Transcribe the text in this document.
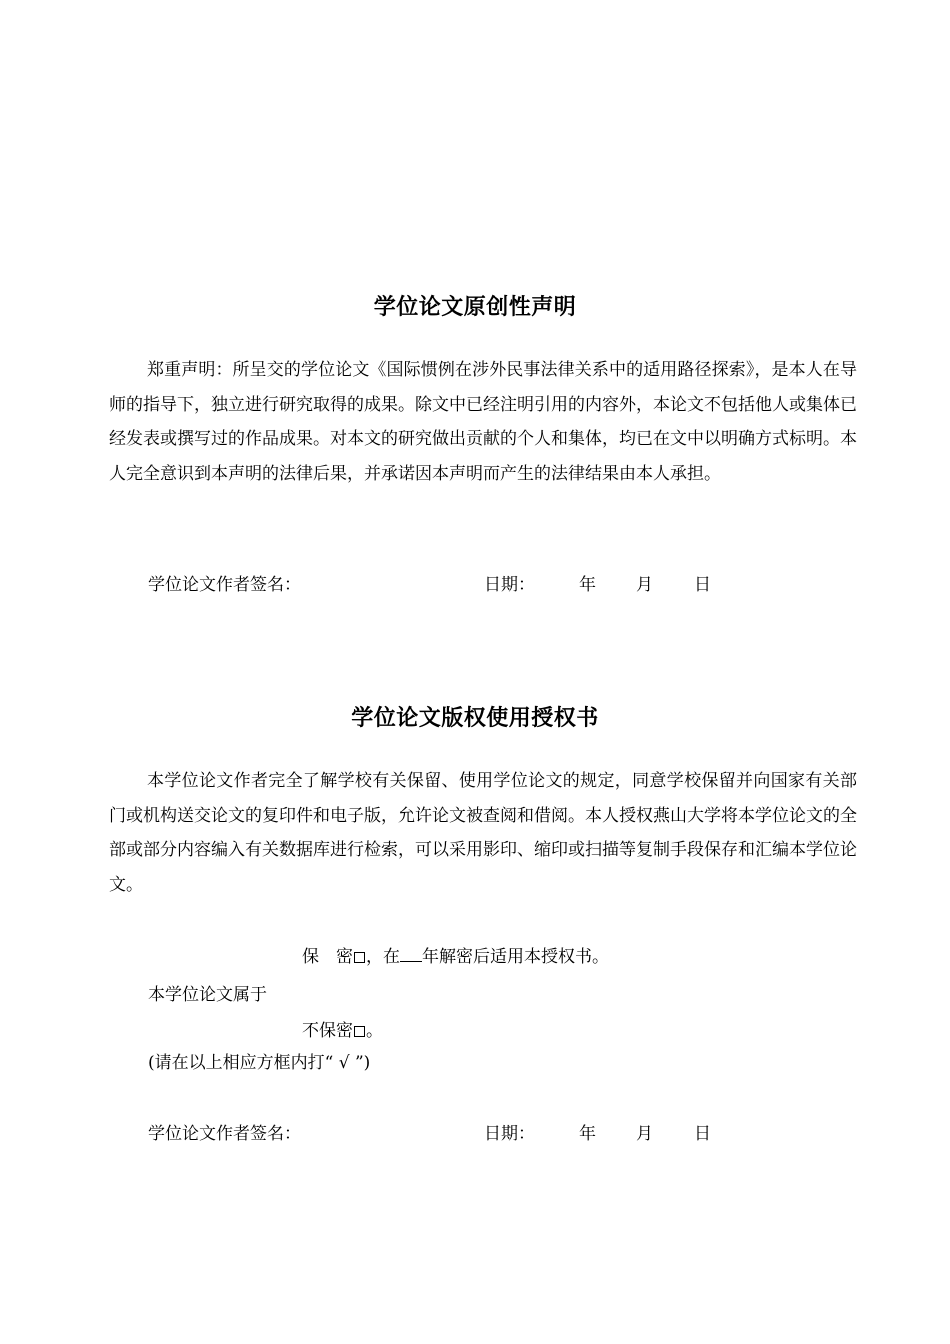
学位论文原创性声明
郑重声明：所呈交的学位论文《国际惯例在涉外民事法律关系中的适用路径探索》，是本人在导师的指导下，独立进行研究取得的成果。除文中已经注明引用的内容外，本论文不包括他人或集体已经发表或撰写过的作品成果。对本文的研究做出贡献的个人和集体，均已在文中以明确方式标明。本人完全意识到本声明的法律后果，并承诺因本声明而产生的法律结果由本人承担。
学位论文作者签名：	日期：	年 月 日
学位论文版权使用授权书
本学位论文作者完全了解学校有关保留、使用学位论文的规定，同意学校保留并向国家有关部门或机构送交论文的复印件和电子版，允许论文被查阅和借阅。本人授权燕山大学将本学位论文的全部或部分内容编入有关数据库进行检索，可以采用影印、缩印或扫描等复制手段保存和汇编本学位论文。
保　密 ，在 年解密后适用本授权书。
本学位论文属于
不保密 。
(请在以上相应方框内打“ √ ”)
学位论文作者签名：	日期：	年 月 日
